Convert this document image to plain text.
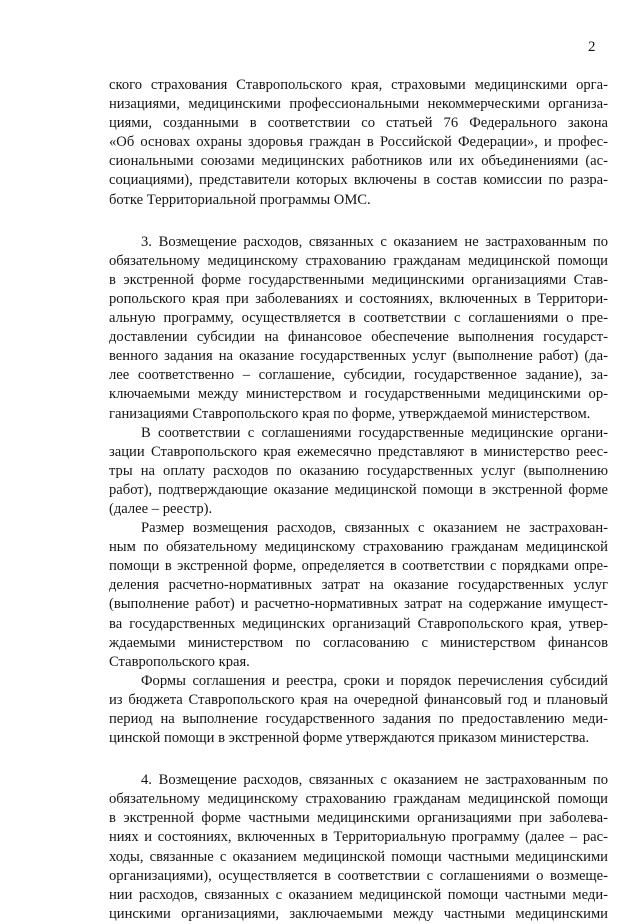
2
ского страхования Ставропольского края, страховыми медицинскими орга-
низациями, медицинскими профессиональными некоммерческими организа-
циями, созданными в соответствии со статьей 76 Федерального закона
«Об основах охраны здоровья граждан в Российской Федерации», и профес-
сиональными союзами медицинских работников или их объединениями (ас-
социациями), представители которых включены в состав комиссии по разра-
ботке Территориальной программы ОМС.
3. Возмещение расходов, связанных с оказанием не застрахованным по
обязательному медицинскому страхованию гражданам медицинской помощи
в экстренной форме государственными медицинскими организациями Став-
ропольского края при заболеваниях и состояниях, включенных в Территори-
альную программу, осуществляется в соответствии с соглашениями о пре-
доставлении субсидии на финансовое обеспечение выполнения государст-
венного задания на оказание государственных услуг (выполнение работ) (да-
лее соответственно – соглашение, субсидии, государственное задание), за-
ключаемыми между министерством и государственными медицинскими ор-
ганизациями Ставропольского края по форме, утверждаемой министерством.
В соответствии с соглашениями государственные медицинские органи-
зации Ставропольского края ежемесячно представляют в министерство реес-
тры на оплату расходов по оказанию государственных услуг (выполнению
работ), подтверждающие оказание медицинской помощи в экстренной форме
(далее – реестр).
Размер возмещения расходов, связанных с оказанием не застрахован-
ным по обязательному медицинскому страхованию гражданам медицинской
помощи в экстренной форме, определяется в соответствии с порядками опре-
деления расчетно-нормативных затрат на оказание государственных услуг
(выполнение работ) и расчетно-нормативных затрат на содержание имущест-
ва государственных медицинских организаций Ставропольского края, утвер-
ждаемыми министерством по согласованию с министерством финансов
Ставропольского края.
Формы соглашения и реестра, сроки и порядок перечисления субсидий
из бюджета Ставропольского края на очередной финансовый год и плановый
период на выполнение государственного задания по предоставлению меди-
цинской помощи в экстренной форме утверждаются приказом министерства.
4. Возмещение расходов, связанных с оказанием не застрахованным по
обязательному медицинскому страхованию гражданам медицинской помощи
в экстренной форме частными медицинскими организациями при заболева-
ниях и состояниях, включенных в Территориальную программу (далее – рас-
ходы, связанные с оказанием медицинской помощи частными медицинскими
организациями), осуществляется в соответствии с соглашениями о возмеще-
нии расходов, связанных с оказанием медицинской помощи частными меди-
цинскими организациями, заключаемыми между частными медицинскими
